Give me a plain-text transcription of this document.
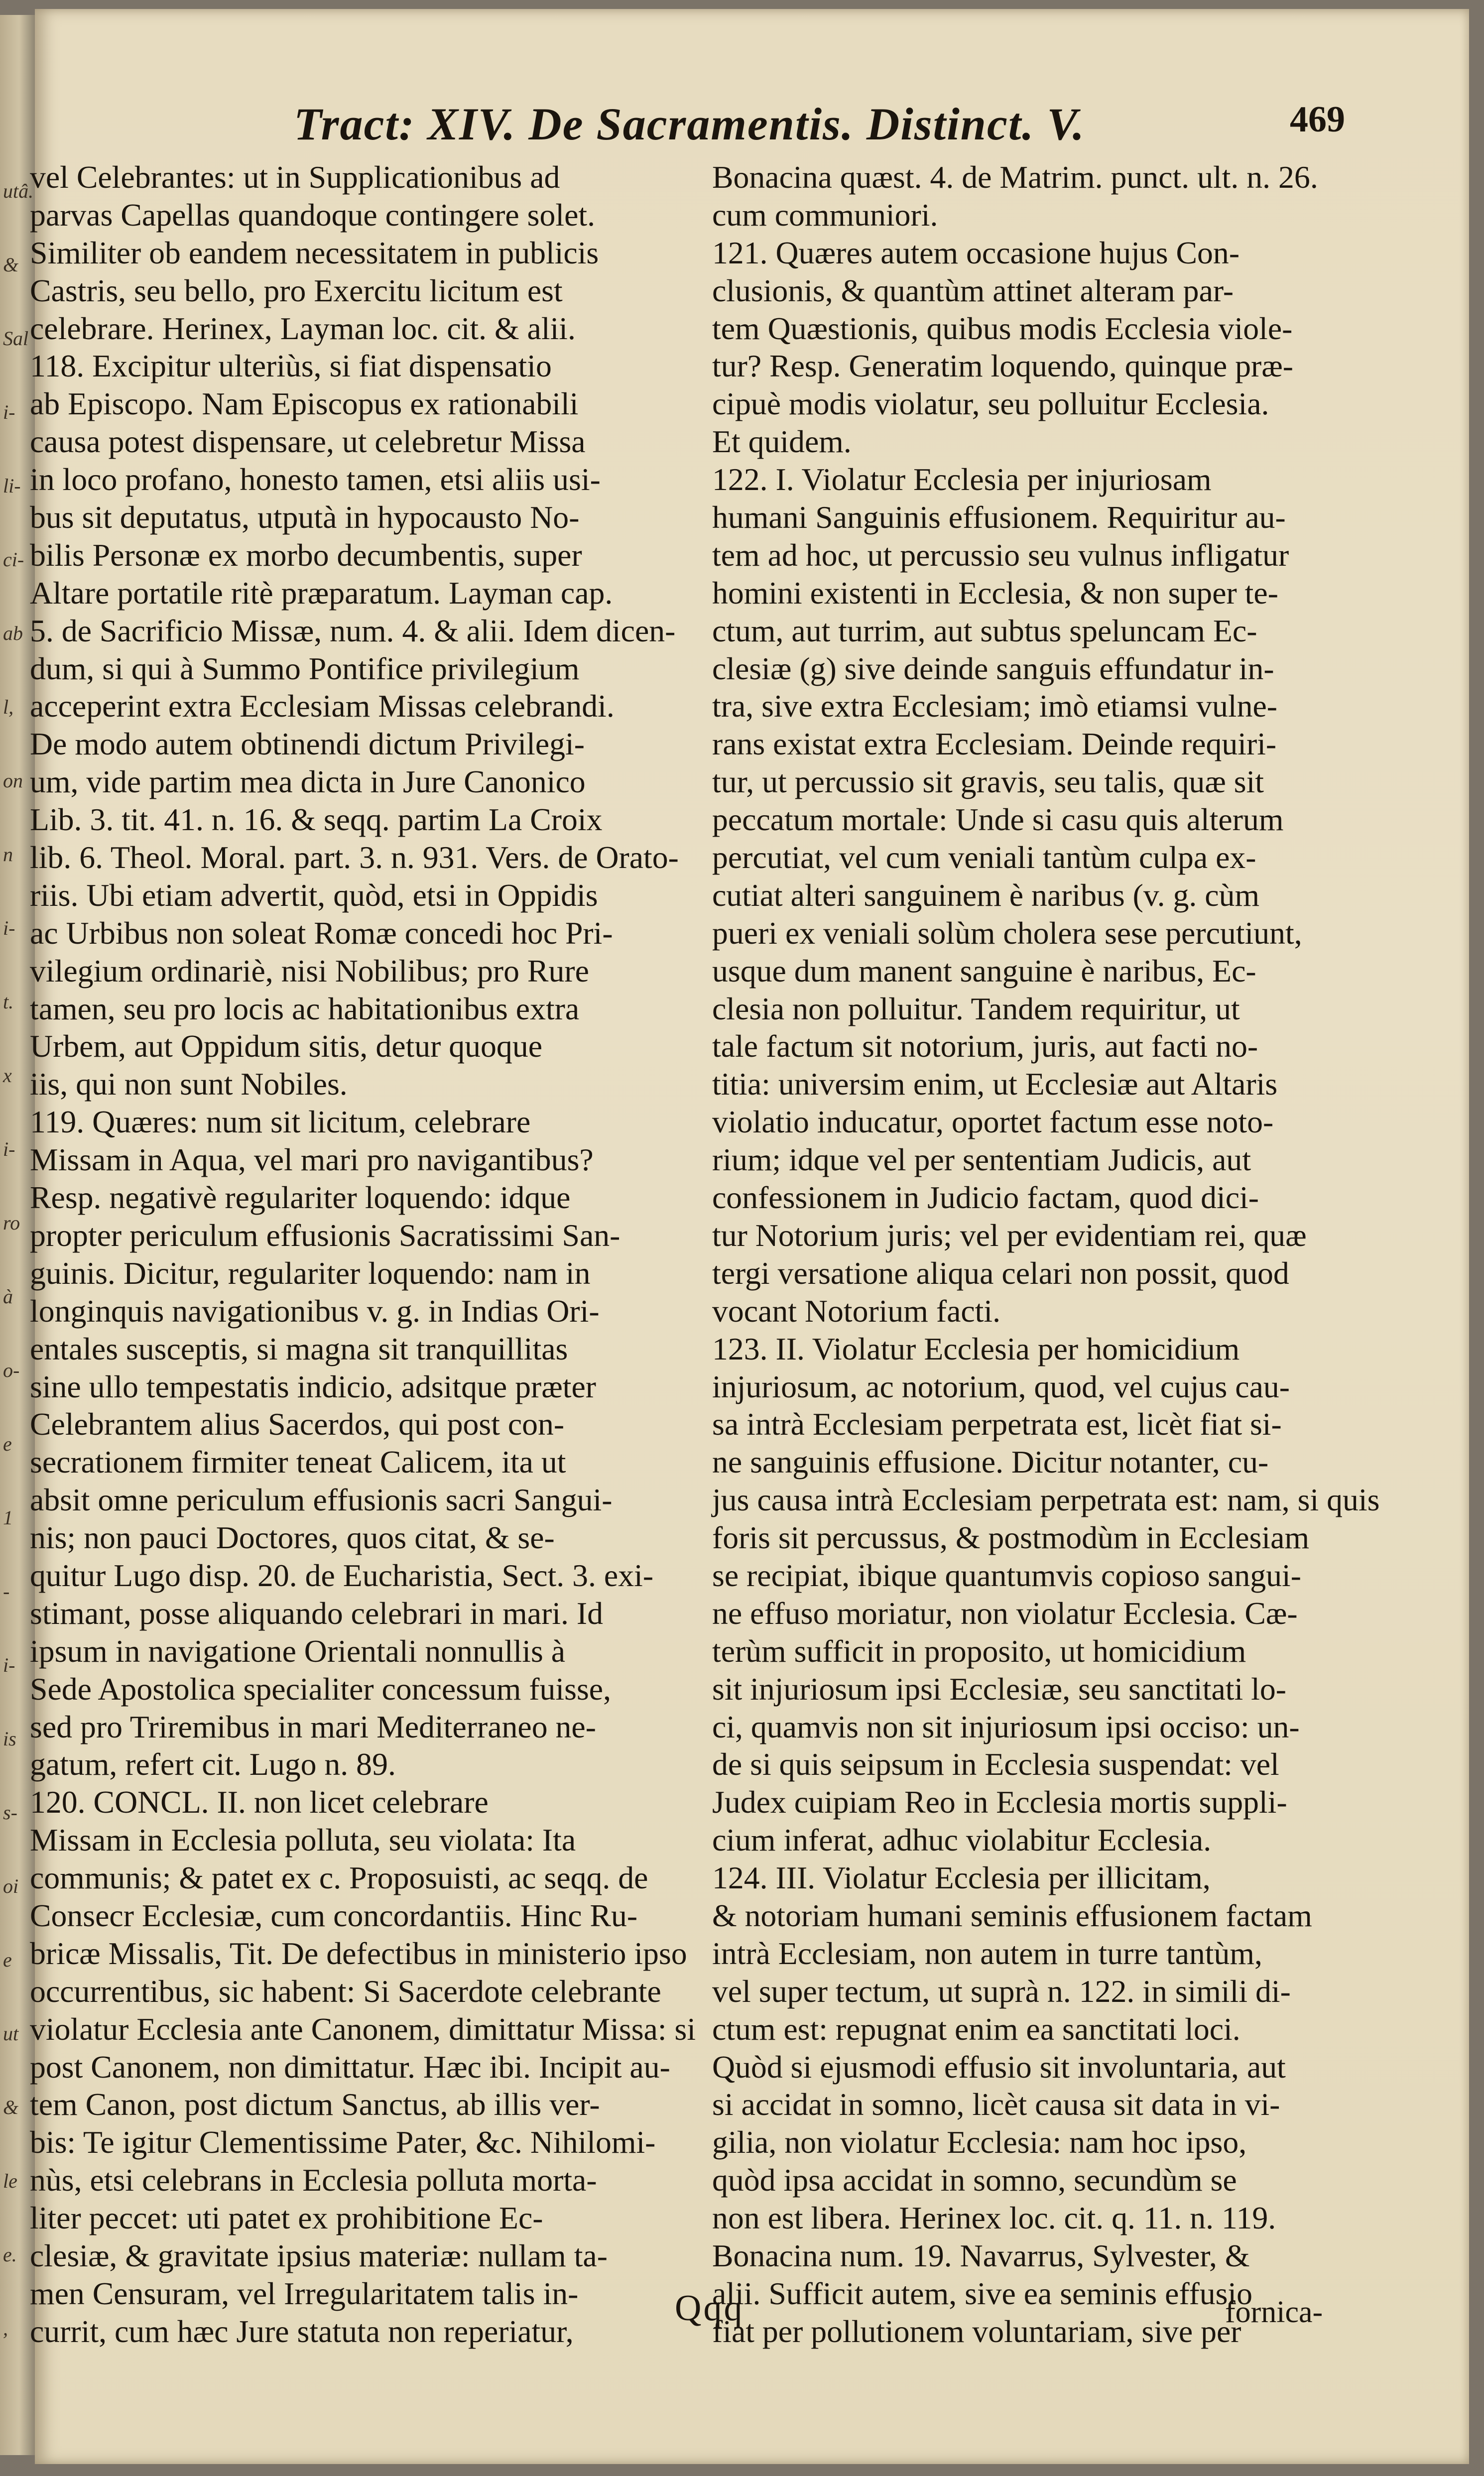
utâ.
&
Sal
i-
li-
ci-
ab
l,
on
n
i-
t.
x
i-
ro
à
o-
e
1
-
i-
is
s-
oi
e
ut
&
le
e.
,
Tract: XIV. De Sacramentis. Distinct. V.	469
vel Celebrantes: ut in Supplicationibus ad
parvas Capellas quandoque contingere solet.
Similiter ob eandem necessitatem in publicis
Castris, seu bello, pro Exercitu licitum est
celebrare. Herinex, Layman loc. cit. & alii.
118. Excipitur ulteriùs, si fiat dispensatio
ab Episcopo. Nam Episcopus ex rationabili
causa potest dispensare, ut celebretur Missa
in loco profano, honesto tamen, etsi aliis usi-
bus sit deputatus, utputà in hypocausto No-
bilis Personæ ex morbo decumbentis, super
Altare portatile ritè præparatum. Layman cap.
5. de Sacrificio Missæ, num. 4. & alii. Idem dicen-
dum, si qui à Summo Pontifice privilegium
acceperint extra Ecclesiam Missas celebrandi.
De modo autem obtinendi dictum Privilegi-
um, vide partim mea dicta in Jure Canonico
Lib. 3. tit. 41. n. 16. & seqq. partim La Croix
lib. 6. Theol. Moral. part. 3. n. 931. Vers. de Orato-
riis. Ubi etiam advertit, quòd, etsi in Oppidis
ac Urbibus non soleat Romæ concedi hoc Pri-
vilegium ordinariè, nisi Nobilibus; pro Rure
tamen, seu pro locis ac habitationibus extra
Urbem, aut Oppidum sitis, detur quoque
iis, qui non sunt Nobiles.
119. Quæres: num sit licitum, celebrare
Missam in Aqua, vel mari pro navigantibus?
Resp. negativè regulariter loquendo: idque
propter periculum effusionis Sacratissimi San-
guinis. Dicitur, regulariter loquendo: nam in
longinquis navigationibus v. g. in Indias Ori-
entales susceptis, si magna sit tranquillitas
sine ullo tempestatis indicio, adsitque præter
Celebrantem alius Sacerdos, qui post con-
secrationem firmiter teneat Calicem, ita ut
absit omne periculum effusionis sacri Sangui-
nis; non pauci Doctores, quos citat, & se-
quitur Lugo disp. 20. de Eucharistia, Sect. 3. exi-
stimant, posse aliquando celebrari in mari. Id
ipsum in navigatione Orientali nonnullis à
Sede Apostolica specialiter concessum fuisse,
sed pro Triremibus in mari Mediterraneo ne-
gatum, refert cit. Lugo n. 89.
120. CONCL. II. non licet celebrare
Missam in Ecclesia polluta, seu violata: Ita
communis; & patet ex c. Proposuisti, ac seqq. de
Consecr Ecclesiæ, cum concordantiis. Hinc Ru-
bricæ Missalis, Tit. De defectibus in ministerio ipso
occurrentibus, sic habent: Si Sacerdote celebrante
violatur Ecclesia ante Canonem, dimittatur Missa: si
post Canonem, non dimittatur. Hæc ibi. Incipit au-
tem Canon, post dictum Sanctus, ab illis ver-
bis: Te igitur Clementissime Pater, &c. Nihilomi-
nùs, etsi celebrans in Ecclesia polluta morta-
liter peccet: uti patet ex prohibitione Ec-
clesiæ, & gravitate ipsius materiæ: nullam ta-
men Censuram, vel Irregularitatem talis in-
currit, cum hæc Jure statuta non reperiatur,
Bonacina quæst. 4. de Matrim. punct. ult. n. 26.
cum communiori.
121. Quæres autem occasione hujus Con-
clusionis, & quantùm attinet alteram par-
tem Quæstionis, quibus modis Ecclesia viole-
tur? Resp. Generatim loquendo, quinque præ-
cipuè modis violatur, seu polluitur Ecclesia.
Et quidem.
122. I. Violatur Ecclesia per injuriosam
humani Sanguinis effusionem. Requiritur au-
tem ad hoc, ut percussio seu vulnus infligatur
homini existenti in Ecclesia, & non super te-
ctum, aut turrim, aut subtus speluncam Ec-
clesiæ (g) sive deinde sanguis effundatur in-
tra, sive extra Ecclesiam; imò etiamsi vulne-
rans existat extra Ecclesiam. Deinde requiri-
tur, ut percussio sit gravis, seu talis, quæ sit
peccatum mortale: Unde si casu quis alterum
percutiat, vel cum veniali tantùm culpa ex-
cutiat alteri sanguinem è naribus (v. g. cùm
pueri ex veniali solùm cholera sese percutiunt,
usque dum manent sanguine è naribus, Ec-
clesia non polluitur. Tandem requiritur, ut
tale factum sit notorium, juris, aut facti no-
titia: universim enim, ut Ecclesiæ aut Altaris
violatio inducatur, oportet factum esse noto-
rium; idque vel per sententiam Judicis, aut
confessionem in Judicio factam, quod dici-
tur Notorium juris; vel per evidentiam rei, quæ
tergi versatione aliqua celari non possit, quod
vocant Notorium facti.
123. II. Violatur Ecclesia per homicidium
injuriosum, ac notorium, quod, vel cujus cau-
sa intrà Ecclesiam perpetrata est, licèt fiat si-
ne sanguinis effusione. Dicitur notanter, cu-
jus causa intrà Ecclesiam perpetrata est: nam, si quis
foris sit percussus, & postmodùm in Ecclesiam
se recipiat, ibique quantumvis copioso sangui-
ne effuso moriatur, non violatur Ecclesia. Cæ-
terùm sufficit in proposito, ut homicidium
sit injuriosum ipsi Ecclesiæ, seu sanctitati lo-
ci, quamvis non sit injuriosum ipsi occiso: un-
de si quis seipsum in Ecclesia suspendat: vel
Judex cuipiam Reo in Ecclesia mortis suppli-
cium inferat, adhuc violabitur Ecclesia.
124. III. Violatur Ecclesia per illicitam,
& notoriam humani seminis effusionem factam
intrà Ecclesiam, non autem in turre tantùm,
vel super tectum, ut suprà n. 122. in simili di-
ctum est: repugnat enim ea sanctitati loci.
Quòd si ejusmodi effusio sit involuntaria, aut
si accidat in somno, licèt causa sit data in vi-
gilia, non violatur Ecclesia: nam hoc ipso,
quòd ipsa accidat in somno, secundùm se
non est libera. Herinex loc. cit. q. 11. n. 119.
Bonacina num. 19. Navarrus, Sylvester, &
alii. Sufficit autem, sive ea seminis effusio
fiat per pollutionem voluntariam, sive per
Qqq	fornica-
